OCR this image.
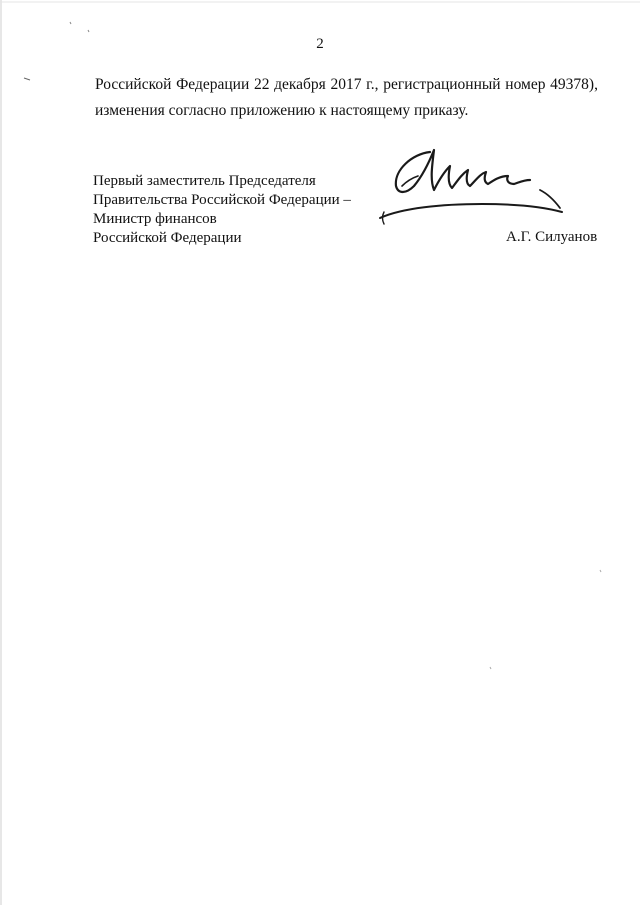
2
Российской Федерации 22 декабря 2017 г., регистрационный номер 49378),
изменения согласно приложению к настоящему приказу.
Первый заместитель Председателя
Правительства Российской Федерации –
Министр финансов
Российской Федерации	А.Г. Силуанов
